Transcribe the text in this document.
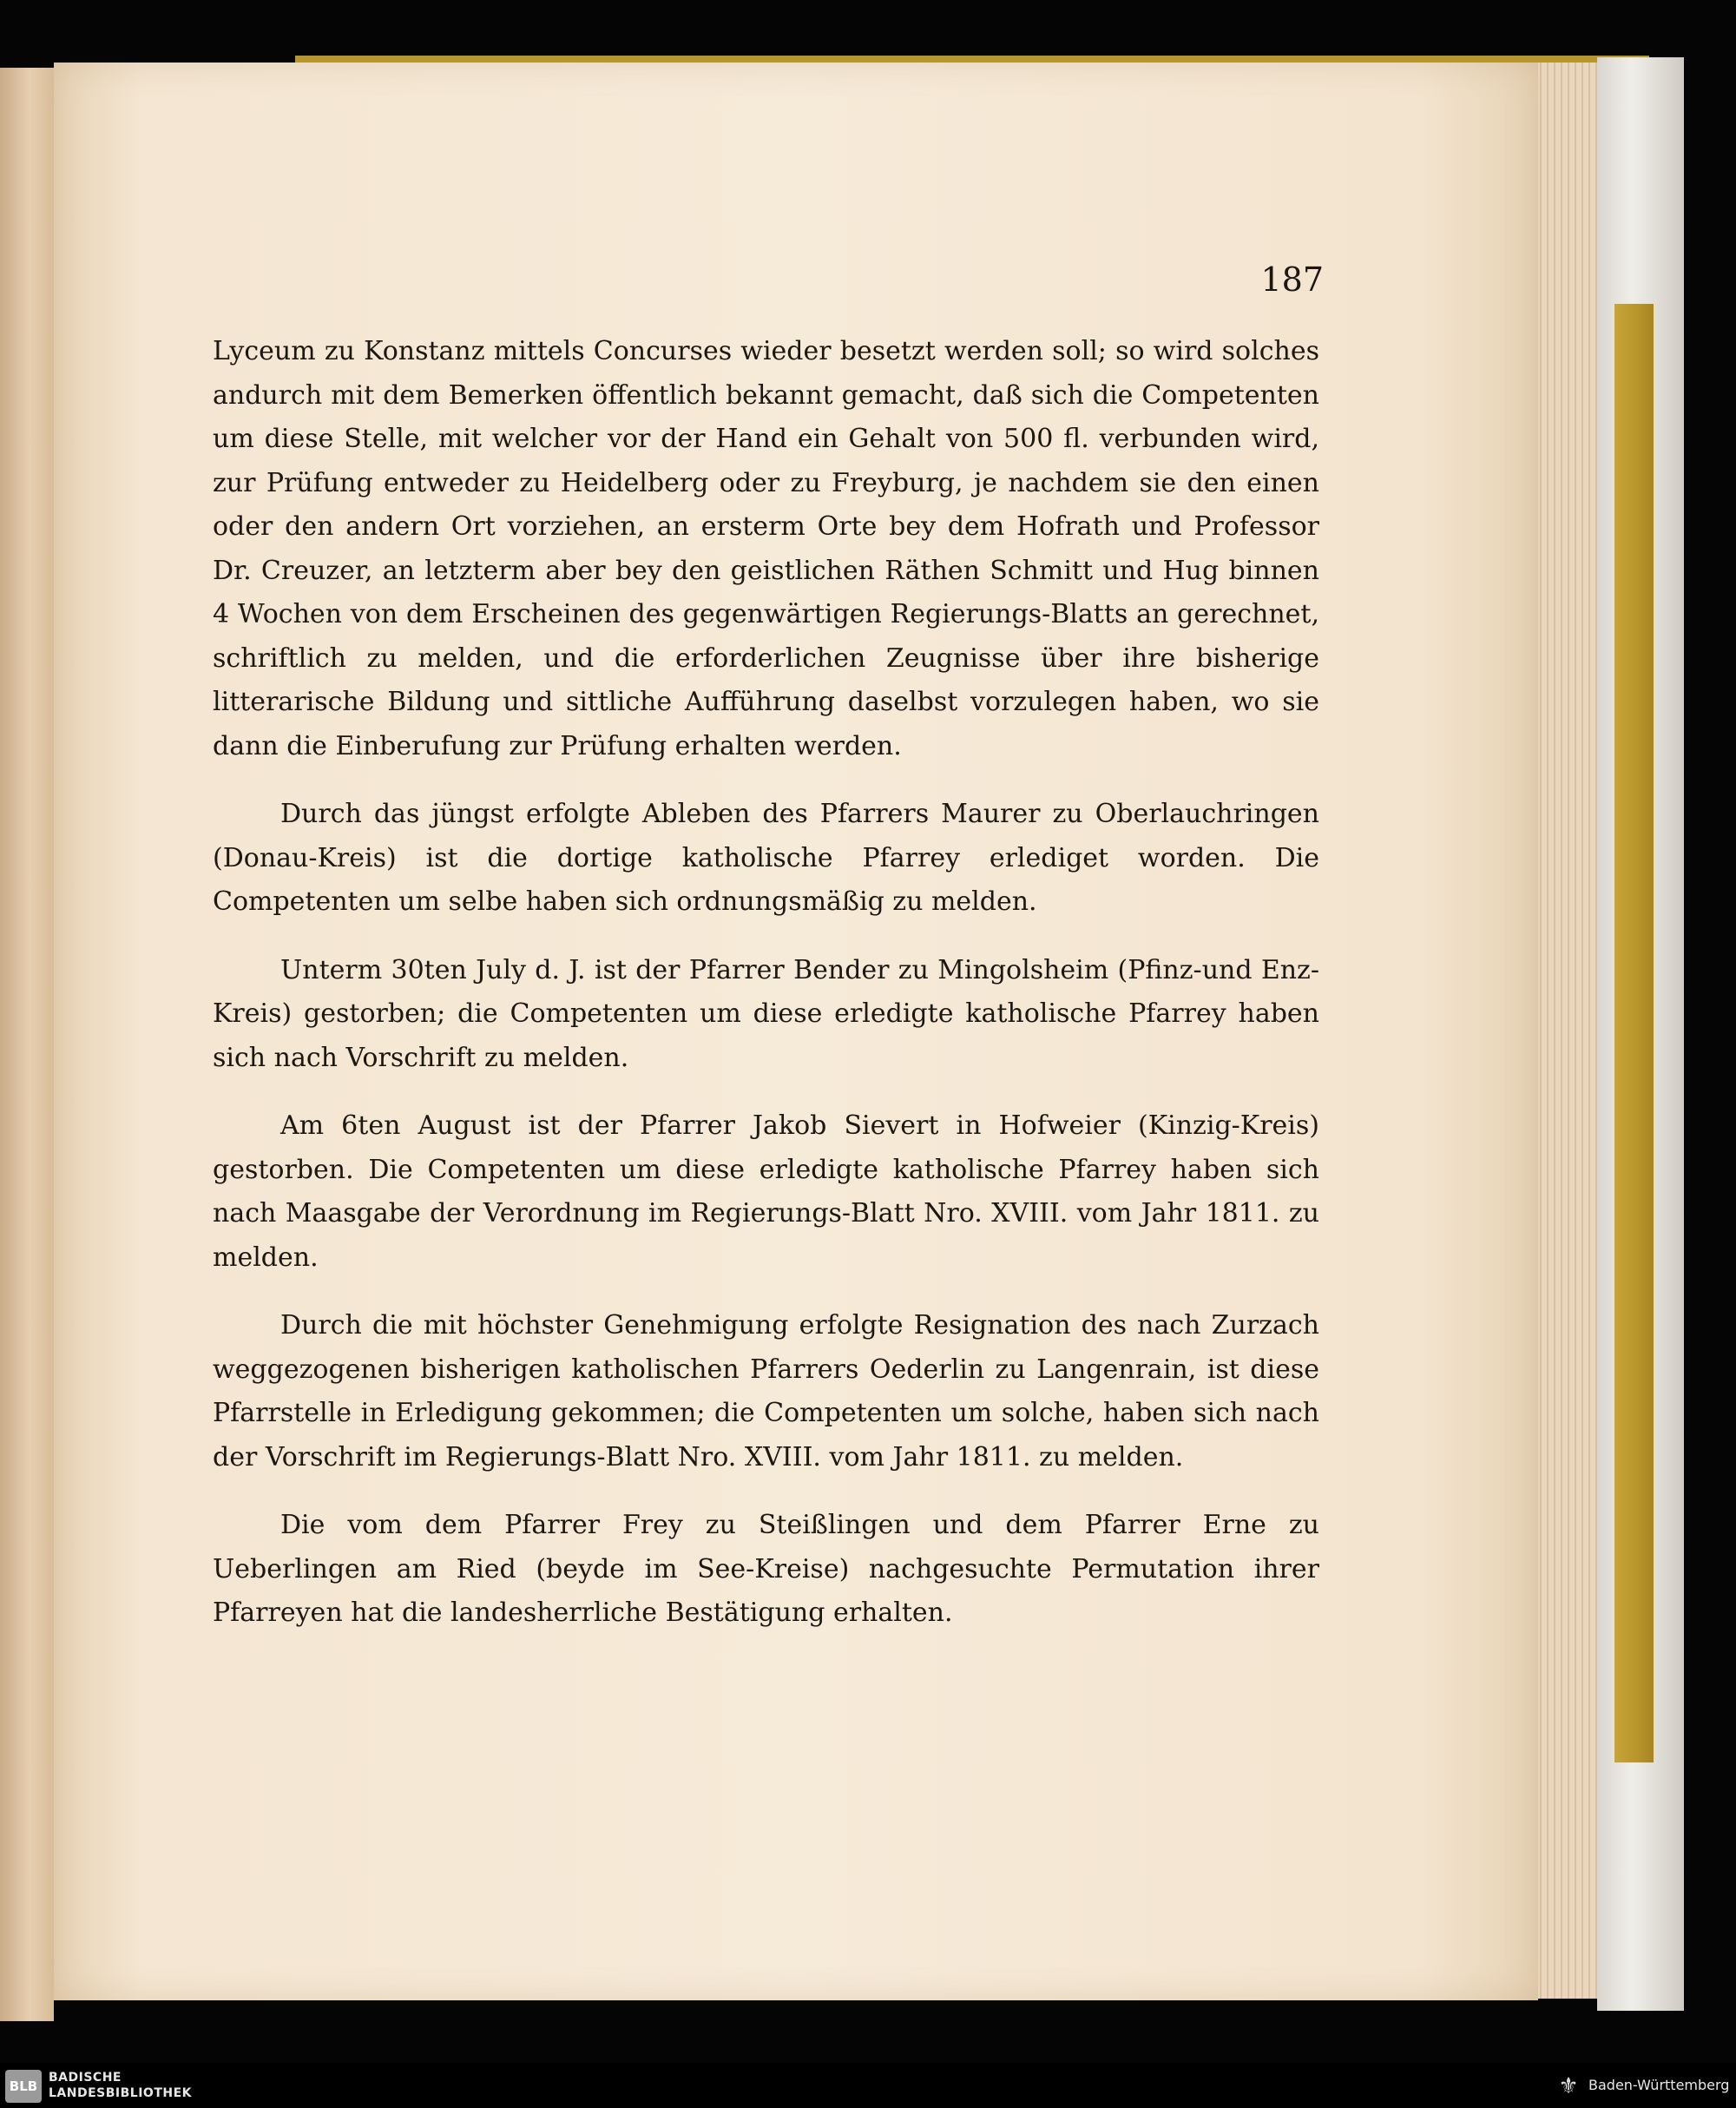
187

Lyceum zu Konstanz mittels Concurses wieder besetzt werden soll; so wird solches andurch mit dem Bemerken öffentlich bekannt gemacht, daß sich die Competenten um diese Stelle, mit welcher vor der Hand ein Gehalt von 500 fl. verbunden wird, zur Prüfung entweder zu Heidelberg oder zu Freyburg, je nachdem sie den einen oder den andern Ort vorziehen, an ersterm Orte bey dem Hofrath und Professor Dr. Creuzer, an letzterm aber bey den geistlichen Räthen Schmitt und Hug binnen 4 Wochen von dem Erscheinen des gegenwärtigen Regierungs-Blatts an gerechnet, schriftlich zu melden, und die erforderlichen Zeugnisse über ihre bisherige litterarische Bildung und sittliche Aufführung daselbst vorzulegen haben, wo sie dann die Einberufung zur Prüfung erhalten werden.

Durch das jüngst erfolgte Ableben des Pfarrers Maurer zu Oberlauchringen (Donau-Kreis) ist die dortige katholische Pfarrey erlediget worden. Die Competenten um selbe haben sich ordnungsmäßig zu melden.

Unterm 30ten July d. J. ist der Pfarrer Bender zu Mingolsheim (Pfinz-und Enz-Kreis) gestorben; die Competenten um diese erledigte katholische Pfarrey haben sich nach Vorschrift zu melden.

Am 6ten August ist der Pfarrer Jakob Sievert in Hofweier (Kinzig-Kreis) gestorben. Die Competenten um diese erledigte katholische Pfarrey haben sich nach Maasgabe der Verordnung im Regierungs-Blatt Nro. XVIII. vom Jahr 1811. zu melden.

Durch die mit höchster Genehmigung erfolgte Resignation des nach Zurzach weggezogenen bisherigen katholischen Pfarrers Oederlin zu Langenrain, ist diese Pfarrstelle in Erledigung gekommen; die Competenten um solche, haben sich nach der Vorschrift im Regierungs-Blatt Nro. XVIII. vom Jahr 1811. zu melden.

Die vom dem Pfarrer Frey zu Steißlingen und dem Pfarrer Erne zu Ueberlingen am Ried (beyde im See-Kreise) nachgesuchte Permutation ihrer Pfarreyen hat die landesherrliche Bestätigung erhalten.

BLB
BADISCHE
LANDESBIBLIOTHEK	⚜ Baden-Württemberg
